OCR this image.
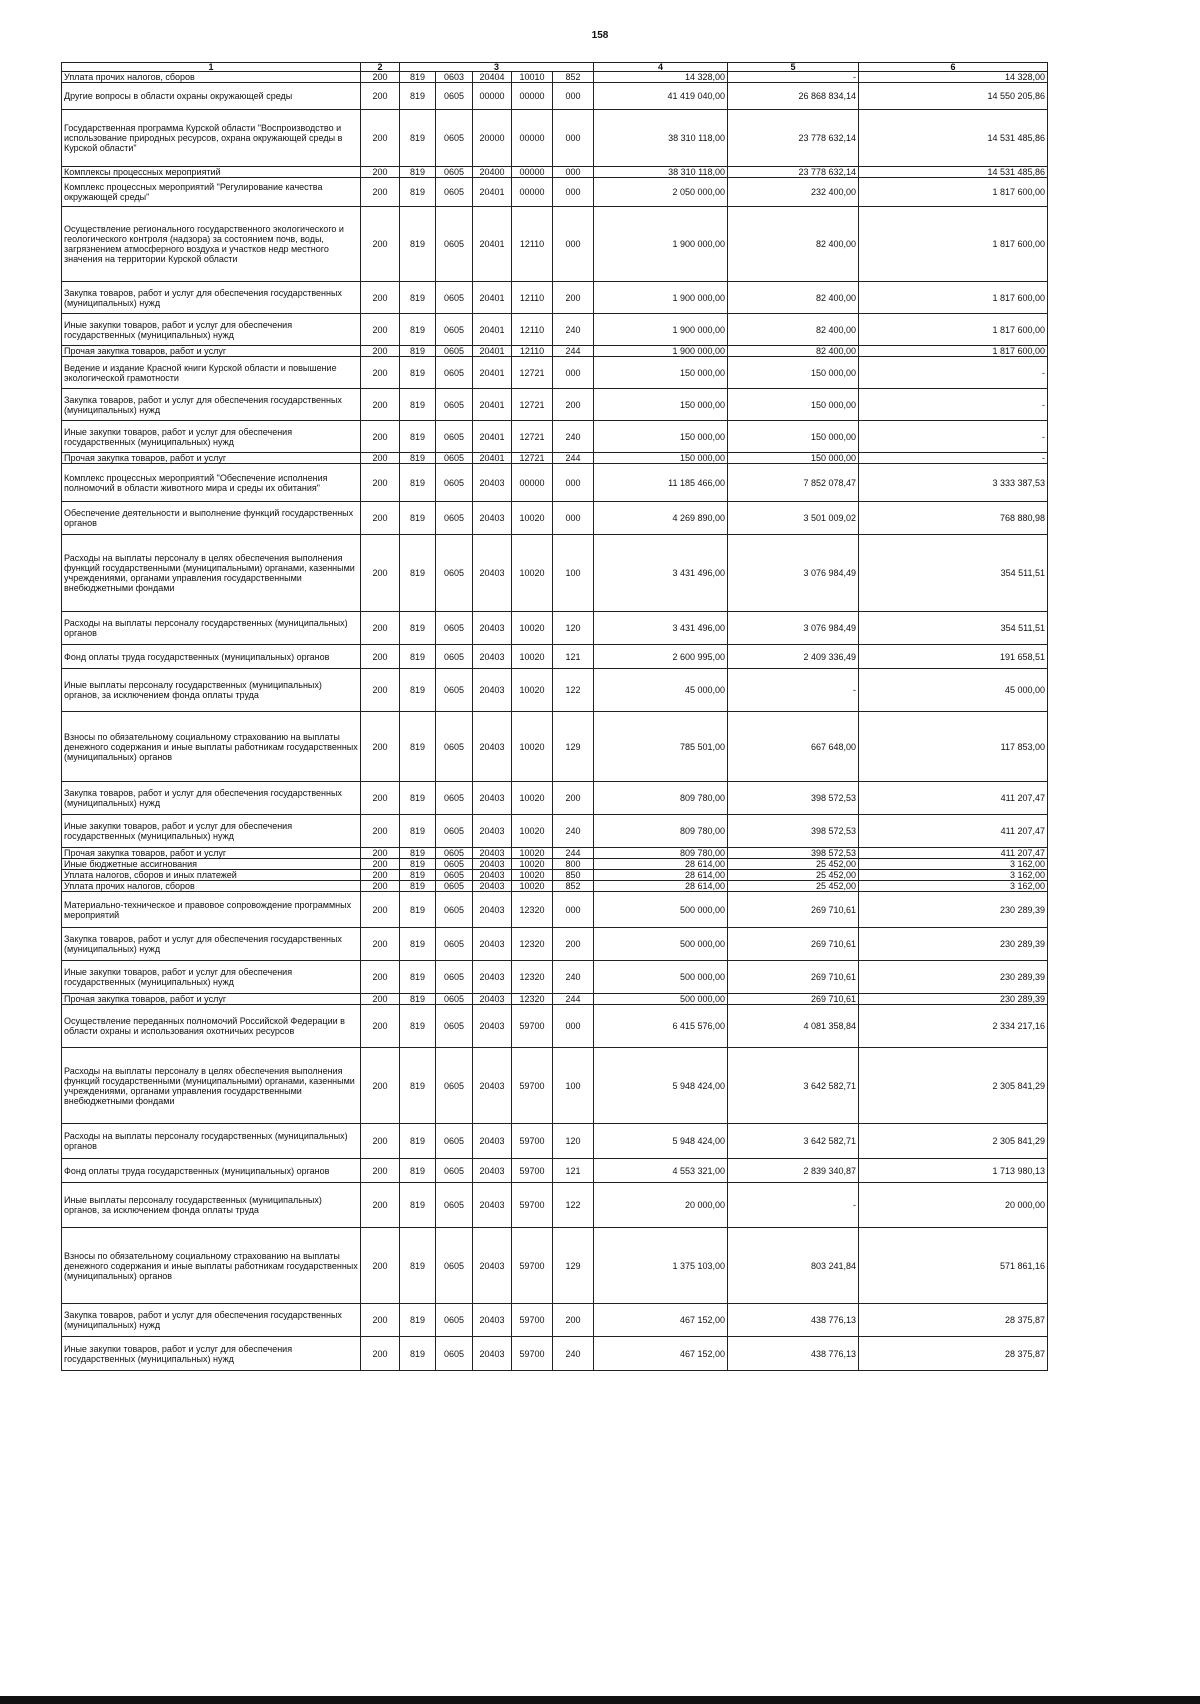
158
1	2	3					4	5	6
Уплата прочих налогов, сборов	200	819	0603	20404	10010	852	14 328,00	-	14 328,00
Другие вопросы в области охраны окружающей среды	200	819	0605	00000	00000	000	41 419 040,00	26 868 834,14	14 550 205,86
Государственная программа Курской области "Воспроизводство и использование природных ресурсов, охрана окружающей среды в Курской области"	200	819	0605	20000	00000	000	38 310 118,00	23 778 632,14	14 531 485,86
Комплексы процессных мероприятий	200	819	0605	20400	00000	000	38 310 118,00	23 778 632,14	14 531 485,86
Комплекс процессных мероприятий "Регулирование качества окружающей среды"	200	819	0605	20401	00000	000	2 050 000,00	232 400,00	1 817 600,00
Осуществление регионального государственного экологического и геологического контроля (надзора) за состоянием почв, воды, загрязнением атмосферного воздуха и участков недр местного значения на территории Курской области	200	819	0605	20401	12110	000	1 900 000,00	82 400,00	1 817 600,00
Закупка товаров, работ и услуг для обеспечения государственных (муниципальных) нужд	200	819	0605	20401	12110	200	1 900 000,00	82 400,00	1 817 600,00
Иные закупки товаров, работ и услуг для обеспечения государственных (муниципальных) нужд	200	819	0605	20401	12110	240	1 900 000,00	82 400,00	1 817 600,00
Прочая закупка товаров, работ и услуг	200	819	0605	20401	12110	244	1 900 000,00	82 400,00	1 817 600,00
Ведение и издание Красной книги Курской области и повышение экологической грамотности	200	819	0605	20401	12721	000	150 000,00	150 000,00	-
Закупка товаров, работ и услуг для обеспечения государственных (муниципальных) нужд	200	819	0605	20401	12721	200	150 000,00	150 000,00	-
Иные закупки товаров, работ и услуг для обеспечения государственных (муниципальных) нужд	200	819	0605	20401	12721	240	150 000,00	150 000,00	-
Прочая закупка товаров, работ и услуг	200	819	0605	20401	12721	244	150 000,00	150 000,00	-
Комплекс процессных мероприятий "Обеспечение исполнения полномочий в области животного мира и среды их обитания"	200	819	0605	20403	00000	000	11 185 466,00	7 852 078,47	3 333 387,53
Обеспечение деятельности и выполнение функций государственных органов	200	819	0605	20403	10020	000	4 269 890,00	3 501 009,02	768 880,98
Расходы на выплаты персоналу в целях обеспечения выполнения функций государственными (муниципальными) органами, казенными учреждениями, органами управления государственными внебюджетными фондами	200	819	0605	20403	10020	100	3 431 496,00	3 076 984,49	354 511,51
Расходы на выплаты персоналу государственных (муниципальных) органов	200	819	0605	20403	10020	120	3 431 496,00	3 076 984,49	354 511,51
Фонд оплаты труда государственных (муниципальных) органов	200	819	0605	20403	10020	121	2 600 995,00	2 409 336,49	191 658,51
Иные выплаты персоналу государственных (муниципальных) органов, за исключением фонда оплаты труда	200	819	0605	20403	10020	122	45 000,00	-	45 000,00
Взносы по обязательному социальному страхованию на выплаты денежного содержания и иные выплаты работникам государственных (муниципальных) органов	200	819	0605	20403	10020	129	785 501,00	667 648,00	117 853,00
Закупка товаров, работ и услуг для обеспечения государственных (муниципальных) нужд	200	819	0605	20403	10020	200	809 780,00	398 572,53	411 207,47
Иные закупки товаров, работ и услуг для обеспечения государственных (муниципальных) нужд	200	819	0605	20403	10020	240	809 780,00	398 572,53	411 207,47
Прочая закупка товаров, работ и услуг	200	819	0605	20403	10020	244	809 780,00	398 572,53	411 207,47
Иные бюджетные ассигнования	200	819	0605	20403	10020	800	28 614,00	25 452,00	3 162,00
Уплата налогов, сборов и иных платежей	200	819	0605	20403	10020	850	28 614,00	25 452,00	3 162,00
Уплата прочих налогов, сборов	200	819	0605	20403	10020	852	28 614,00	25 452,00	3 162,00
Материально-техническое и правовое сопровождение программных мероприятий	200	819	0605	20403	12320	000	500 000,00	269 710,61	230 289,39
Закупка товаров, работ и услуг для обеспечения государственных (муниципальных) нужд	200	819	0605	20403	12320	200	500 000,00	269 710,61	230 289,39
Иные закупки товаров, работ и услуг для обеспечения государственных (муниципальных) нужд	200	819	0605	20403	12320	240	500 000,00	269 710,61	230 289,39
Прочая закупка товаров, работ и услуг	200	819	0605	20403	12320	244	500 000,00	269 710,61	230 289,39
Осуществление переданных полномочий Российской Федерации в области охраны и использования охотничьих ресурсов	200	819	0605	20403	59700	000	6 415 576,00	4 081 358,84	2 334 217,16
Расходы на выплаты персоналу в целях обеспечения выполнения функций государственными (муниципальными) органами, казенными учреждениями, органами управления государственными внебюджетными фондами	200	819	0605	20403	59700	100	5 948 424,00	3 642 582,71	2 305 841,29
Расходы на выплаты персоналу государственных (муниципальных) органов	200	819	0605	20403	59700	120	5 948 424,00	3 642 582,71	2 305 841,29
Фонд оплаты труда государственных (муниципальных) органов	200	819	0605	20403	59700	121	4 553 321,00	2 839 340,87	1 713 980,13
Иные выплаты персоналу государственных (муниципальных) органов, за исключением фонда оплаты труда	200	819	0605	20403	59700	122	20 000,00	-	20 000,00
Взносы по обязательному социальному страхованию на выплаты денежного содержания и иные выплаты работникам государственных (муниципальных) органов	200	819	0605	20403	59700	129	1 375 103,00	803 241,84	571 861,16
Закупка товаров, работ и услуг для обеспечения государственных (муниципальных) нужд	200	819	0605	20403	59700	200	467 152,00	438 776,13	28 375,87
Иные закупки товаров, работ и услуг для обеспечения государственных (муниципальных) нужд	200	819	0605	20403	59700	240	467 152,00	438 776,13	28 375,87
